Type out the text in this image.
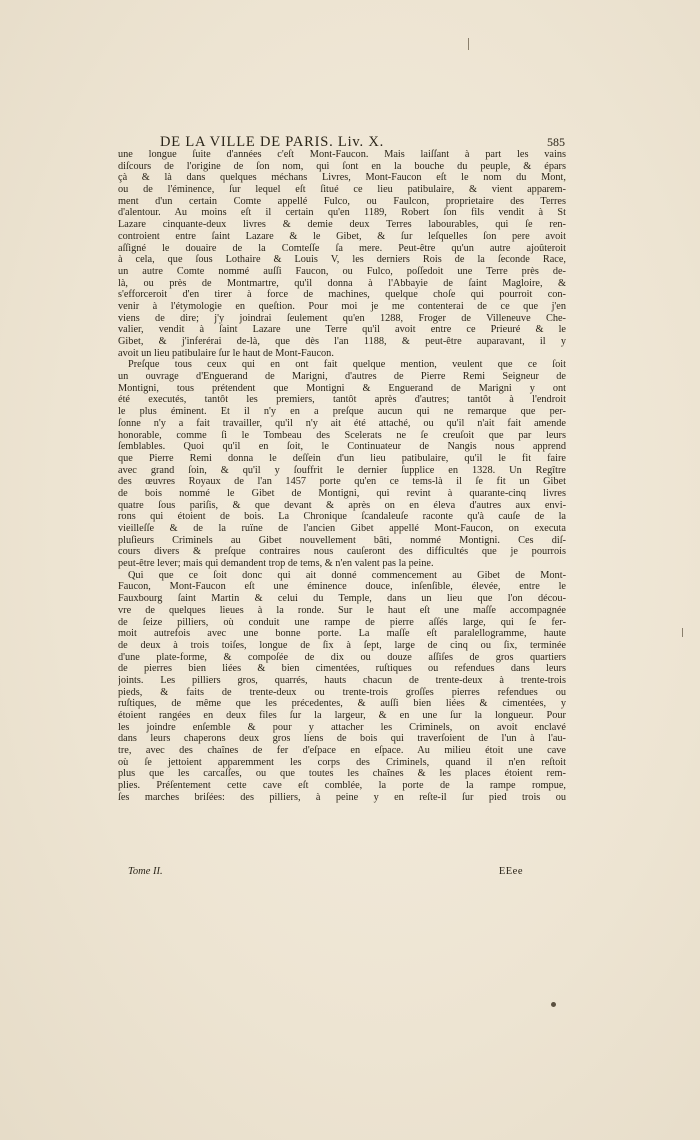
DE LA VILLE DE PARIS. Liv. X.	585
une longue ſuite d'années c'eſt Mont-Faucon. Mais laiſſant à part les vains
diſcours de l'origine de ſon nom, qui ſont en la bouche du peuple, & épars
çà & là dans quelques méchans Livres, Mont-Faucon eſt le nom du Mont,
ou de l'éminence, ſur lequel eſt ſitué ce lieu patibulaire, & vient apparem-
ment d'un certain Comte appellé Fulco, ou Faulcon, proprietaire des Terres
d'alentour. Au moins eſt il certain qu'en 1189, Robert ſon fils vendit à St
Lazare cinquante-deux livres & demie deux Terres labourables, qui ſe ren-
controient entre ſaint Lazare & le Gibet, & ſur leſquelles ſon pere avoit
aſſigné le douaire de la Comteſſe ſa mere. Peut-être qu'un autre ajoûteroit
à cela, que ſous Lothaire & Louis V, les derniers Rois de la ſeconde Race,
un autre Comte nommé auſſi Faucon, ou Fulco, poſſedoit une Terre près de-
là, ou près de Montmartre, qu'il donna à l'Abbayie de ſaint Magloire, &
s'efforceroit d'en tirer à force de machines, quelque choſe qui pourroit con-
venir à l'étymologie en queſtion. Pour moi je me contenterai de ce que j'en
viens de dire; j'y joindrai ſeulement qu'en 1288, Froger de Villeneuve Che-
valier, vendit à ſaint Lazare une Terre qu'il avoit entre ce Prieuré & le
Gibet, & j'inferérai de-là, que dès l'an 1188, & peut-être auparavant, il y
avoit un lieu patibulaire ſur le haut de Mont-Faucon.
Preſque tous ceux qui en ont fait quelque mention, veulent que ce ſoit
un ouvrage d'Enguerand de Marigni, d'autres de Pierre Remi Seigneur de
Montigni, tous prétendent que Montigni & Enguerand de Marigni y ont
été executés, tantôt les premiers, tantôt après d'autres; tantôt à l'endroit
le plus éminent. Et il n'y en a preſque aucun qui ne remarque que per-
ſonne n'y a fait travailler, qu'il n'y ait été attaché, ou qu'il n'ait fait amende
honorable, comme ſi le Tombeau des Scelerats ne ſe creuſoit que par leurs
ſemblables. Quoi qu'il en ſoit, le Continuateur de Nangis nous apprend
que Pierre Remi donna le deſſein d'un lieu patibulaire, qu'il le fit faire
avec grand ſoin, & qu'il y ſouffrit le dernier ſupplice en 1328. Un Regître
des œuvres Royaux de l'an 1457 porte qu'en ce tems-là il ſe fit un Gibet
de bois nommé le Gibet de Montigni, qui revint à quarante-cinq livres
quatre ſous pariſis, & que devant & après on en éleva d'autres aux envi-
rons qui étoient de bois. La Chronique ſcandaleuſe raconte qu'à cauſe de la
vieilleſſe & de la ruïne de l'ancien Gibet appellé Mont-Faucon, on executa
pluſieurs Criminels au Gibet nouvellement bâti, nommé Montigni. Ces diſ-
cours divers & preſque contraires nous cauſeront des difficultés que je pourrois
peut-être lever; mais qui demandent trop de tems, & n'en valent pas la peine.
Qui que ce ſoit donc qui ait donné commencement au Gibet de Mont-
Faucon, Mont-Faucon eſt une éminence douce, inſenſible, élevée, entre le
Fauxbourg ſaint Martin & celui du Temple, dans un lieu que l'on décou-
vre de quelques lieues à la ronde. Sur le haut eſt une maſſe accompagnée
de ſeize pilliers, où conduit une rampe de pierre aſſés large, qui ſe fer-
moit autrefois avec une bonne porte. La maſſe eſt paralellogramme, haute
de deux à trois toiſes, longue de ſix à ſept, large de cinq ou ſix, terminée
d'une plate-forme, & compoſée de dix ou douze aſſiſes de gros quartiers
de pierres bien liées & bien cimentées, ruſtiques ou refendues dans leurs
joints. Les pilliers gros, quarrés, hauts chacun de trente-deux à trente-trois
pieds, & faits de trente-deux ou trente-trois groſſes pierres refendues ou
ruſtiques, de même que les précedentes, & auſſi bien liées & cimentées, y
étoient rangées en deux files ſur la largeur, & en une ſur la longueur. Pour
les joindre enſemble & pour y attacher les Criminels, on avoit enclavé
dans leurs chaperons deux gros liens de bois qui traverſoient de l'un à l'au-
tre, avec des chaînes de fer d'eſpace en eſpace. Au milieu étoit une cave
où ſe jettoient apparemment les corps des Criminels, quand il n'en reſtoit
plus que les carcaſſes, ou que toutes les chaînes & les places étoient rem-
plies. Préſentement cette cave eſt comblée, la porte de la rampe rompue,
ſes marches briſées: des pilliers, à peine y en reſte-il ſur pied trois ou
Tome II.	EEee
